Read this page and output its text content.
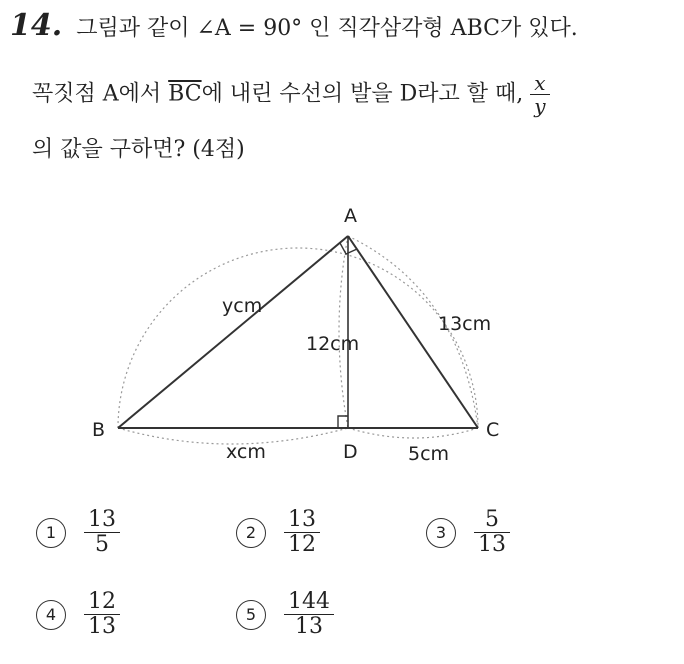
14. 그림과 같이 ∠A = 90° 인 직각삼각형 ABC가 있다.
꼭짓점 A에서 $\overline{BC}$에 내린 수선의 발을 D라고 할 때, $\frac{x}{y}$
의 값을 구하면? (4점)
A
B	C
D
ycm
13cm
12cm
xcm	5cm
1	$\frac{13}{5}$	2	$\frac{13}{12}$	3	$\frac{5}{13}$
4	$\frac{12}{13}$	5	$\frac{144}{13}$
